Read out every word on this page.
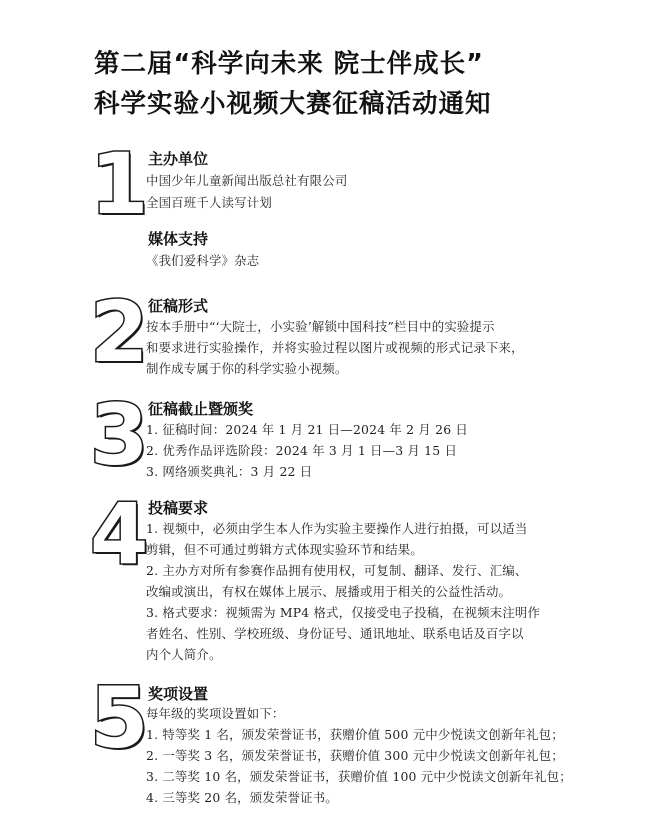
第二届“科学向未来 院士伴成长”
科学实验小视频大赛征稿活动通知
1 主办单位
中国少年儿童新闻出版总社有限公司
全国百班千人读写计划
媒体支持
《我们爱科学》杂志
2 征稿形式
按本手册中“‘大院士，小实验’解锁中国科技”栏目中的实验提示
和要求进行实验操作，并将实验过程以图片或视频的形式记录下来，
制作成专属于你的科学实验小视频。
3 征稿截止暨颁奖
1. 征稿时间：2024 年 1 月 21 日—2024 年 2 月 26 日
2. 优秀作品评选阶段：2024 年 3 月 1 日—3 月 15 日
3. 网络颁奖典礼：3 月 22 日
4 投稿要求
1. 视频中，必须由学生本人作为实验主要操作人进行拍摄，可以适当
剪辑，但不可通过剪辑方式体现实验环节和结果。
2. 主办方对所有参赛作品拥有使用权，可复制、翻译、发行、汇编、
改编或演出，有权在媒体上展示、展播或用于相关的公益性活动。
3. 格式要求：视频需为 MP4 格式，仅接受电子投稿，在视频末注明作
者姓名、性别、学校班级、身份证号、通讯地址、联系电话及百字以
内个人简介。
5 奖项设置
每年级的奖项设置如下：
1. 特等奖 1 名，颁发荣誉证书，获赠价值 500 元中少悦读文创新年礼包；
2. 一等奖 3 名，颁发荣誉证书，获赠价值 300 元中少悦读文创新年礼包；
3. 二等奖 10 名，颁发荣誉证书，获赠价值 100 元中少悦读文创新年礼包；
4. 三等奖 20 名，颁发荣誉证书。
